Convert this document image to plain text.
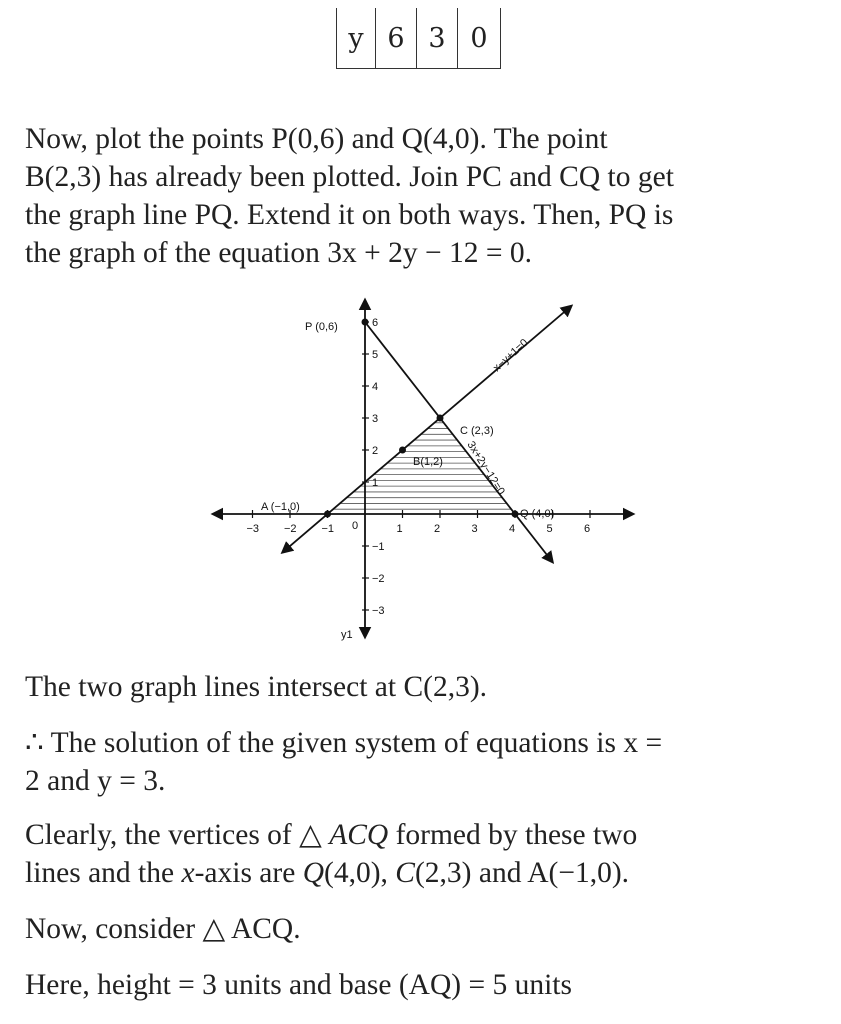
y	6	3	0

Now, plot the points P(0,6) and Q(4,0). The point

B(2,3) has already been plotted. Join PC and CQ to get

the graph line PQ. Extend it on both ways. Then, PQ is

the graph of the equation 3x + 2y − 12 = 0.

−3 −2 −1	1	2	3	4	5	6
6
5
4
3
2
1
−1
−2
−3
P (0,6)
C (2,3)
B(1,2)
A (−1,0)
Q (4,0)
x−y+1=0
3x+2y−12=0
0
y1

The two graph lines intersect at C(2,3).

∴ The solution of the given system of equations is x =

2 and y = 3.

Clearly, the vertices of △ ACQ formed by these two

lines and the x-axis are Q(4,0), C(2,3) and A(−1,0).

Now, consider △ ACQ.

Here, height = 3 units and base (AQ) = 5 units
